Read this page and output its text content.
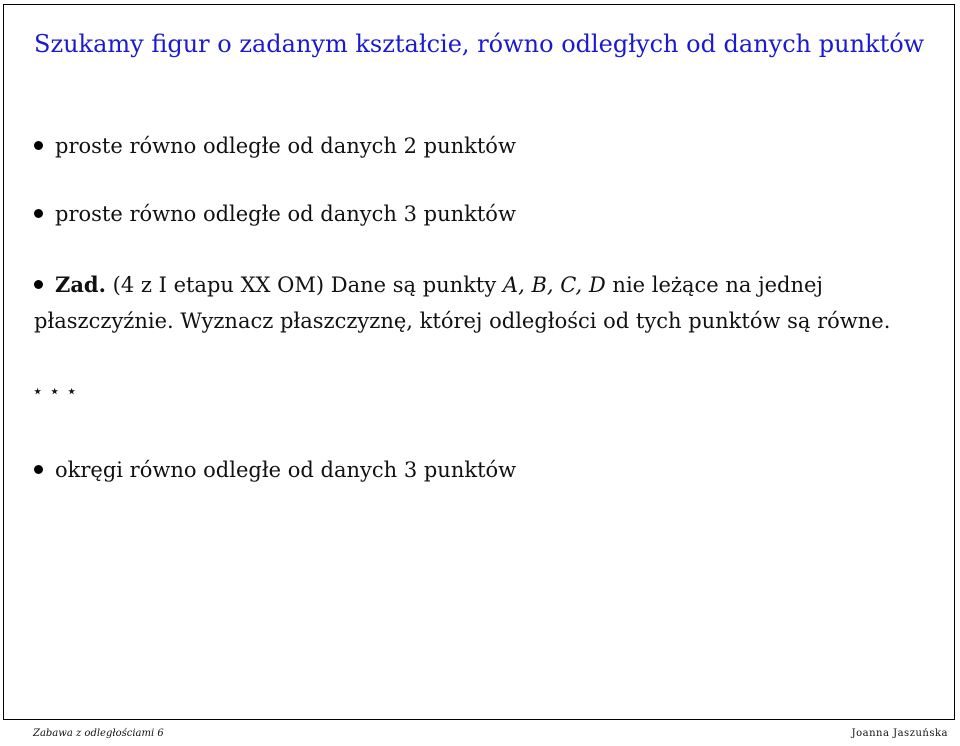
Szukamy figur o zadanym kształcie, równo odległych od danych punktów
proste równo odległe od danych 2 punktów
proste równo odległe od danych 3 punktów
Zad. (4 z I etapu XX OM) Dane są punkty A, B, C, D nie leżące na jednej płaszczyźnie. Wyznacz płaszczyznę, której odległości od tych punktów są równe.
⋆ ⋆ ⋆
okręgi równo odległe od danych 3 punktów
Zabawa z odległościami 6	Joanna Jaszuńska
